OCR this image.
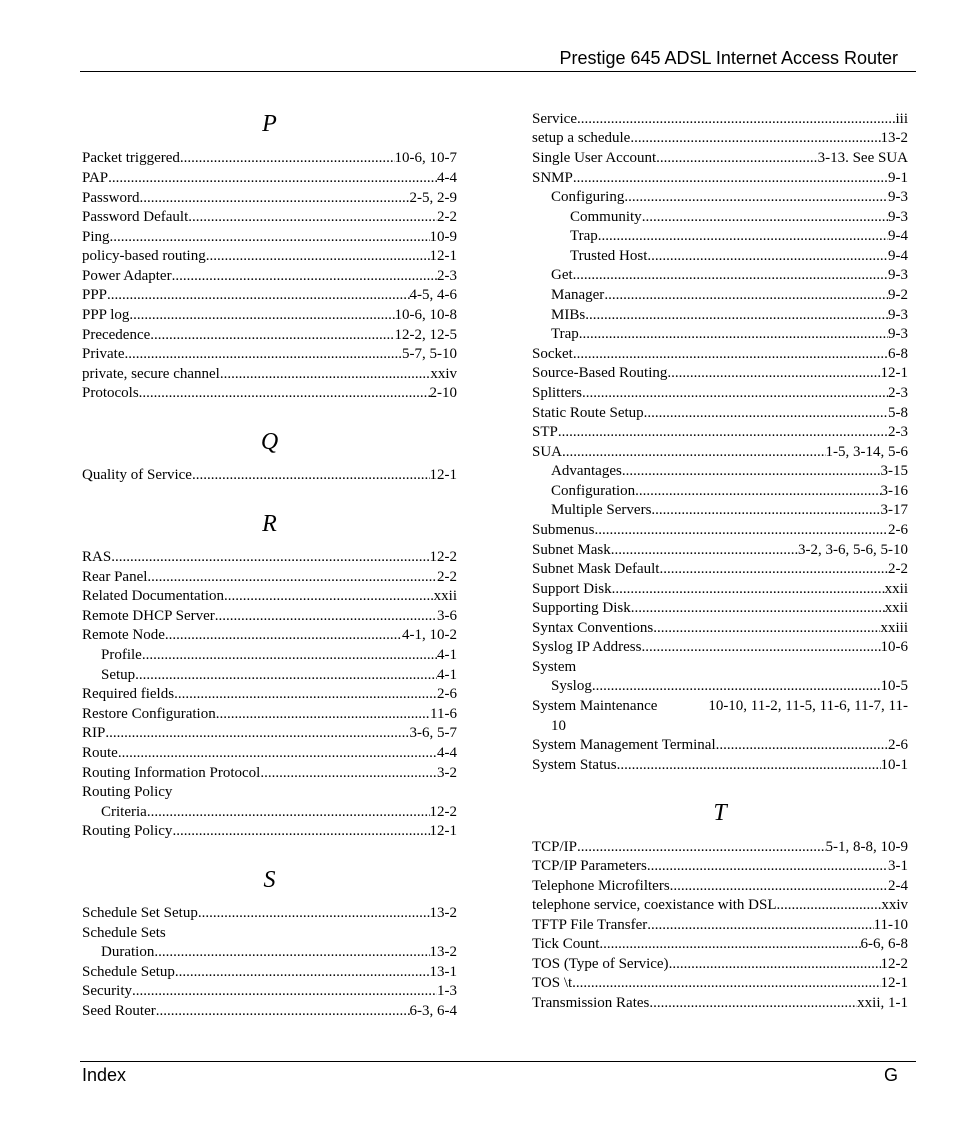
Prestige 645 ADSL Internet Access Router
P
Packet triggered .....	10-6, 10-7
PAP .....	4-4
Password .....	2-5, 2-9
Password Default .....	2-2
Ping .....	10-9
policy-based routing .....	12-1
Power Adapter .....	2-3
PPP .....	4-5, 4-6
PPP log .....	10-6, 10-8
Precedence .....	12-2, 12-5
Private .....	5-7, 5-10
private, secure channel .....	xxiv
Protocols .....	2-10
Q
Quality of Service .....	12-1
R
RAS .....	12-2
Rear Panel .....	2-2
Related Documentation .....	xxii
Remote DHCP Server .....	3-6
Remote Node .....	4-1, 10-2
Profile .....	4-1
Setup .....	4-1
Required fields .....	2-6
Restore Configuration .....	11-6
RIP .....	3-6, 5-7
Route .....	4-4
Routing Information Protocol .....	3-2
Routing Policy
Criteria .....	12-2
Routing Policy .....	12-1
S
Schedule Set Setup .....	13-2
Schedule Sets
Duration .....	13-2
Schedule Setup .....	13-1
Security .....	1-3
Seed Router .....	6-3, 6-4
Service .....	iii
setup a schedule .....	13-2
Single User Account .....	3-13. See SUA
SNMP .....	9-1
Configuring .....	9-3
Community .....	9-3
Trap .....	9-4
Trusted Host .....	9-4
Get .....	9-3
Manager .....	9-2
MIBs .....	9-3
Trap .....	9-3
Socket .....	6-8
Source-Based Routing .....	12-1
Splitters .....	2-3
Static Route Setup .....	5-8
STP .....	2-3
SUA .....	1-5, 3-14, 5-6
Advantages .....	3-15
Configuration .....	3-16
Multiple Servers .....	3-17
Submenus .....	2-6
Subnet Mask .....	3-2, 3-6, 5-6, 5-10
Subnet Mask Default .....	2-2
Support Disk .....	xxii
Supporting Disk .....	xxii
Syntax Conventions .....	xxiii
Syslog IP Address .....	10-6
System
Syslog .....	10-5
System Maintenance	10-10, 11-2, 11-5, 11-6, 11-7, 11-
10
System Management Terminal .....	2-6
System Status .....	10-1
T
TCP/IP .....	5-1, 8-8, 10-9
TCP/IP Parameters .....	3-1
Telephone Microfilters .....	2-4
telephone service, coexistance with DSL .....	xxiv
TFTP File Transfer .....	11-10
Tick Count .....	6-6, 6-8
TOS (Type of Service) .....	12-2
TOS \t .....	12-1
Transmission Rates .....	xxii, 1-1
Index	G
